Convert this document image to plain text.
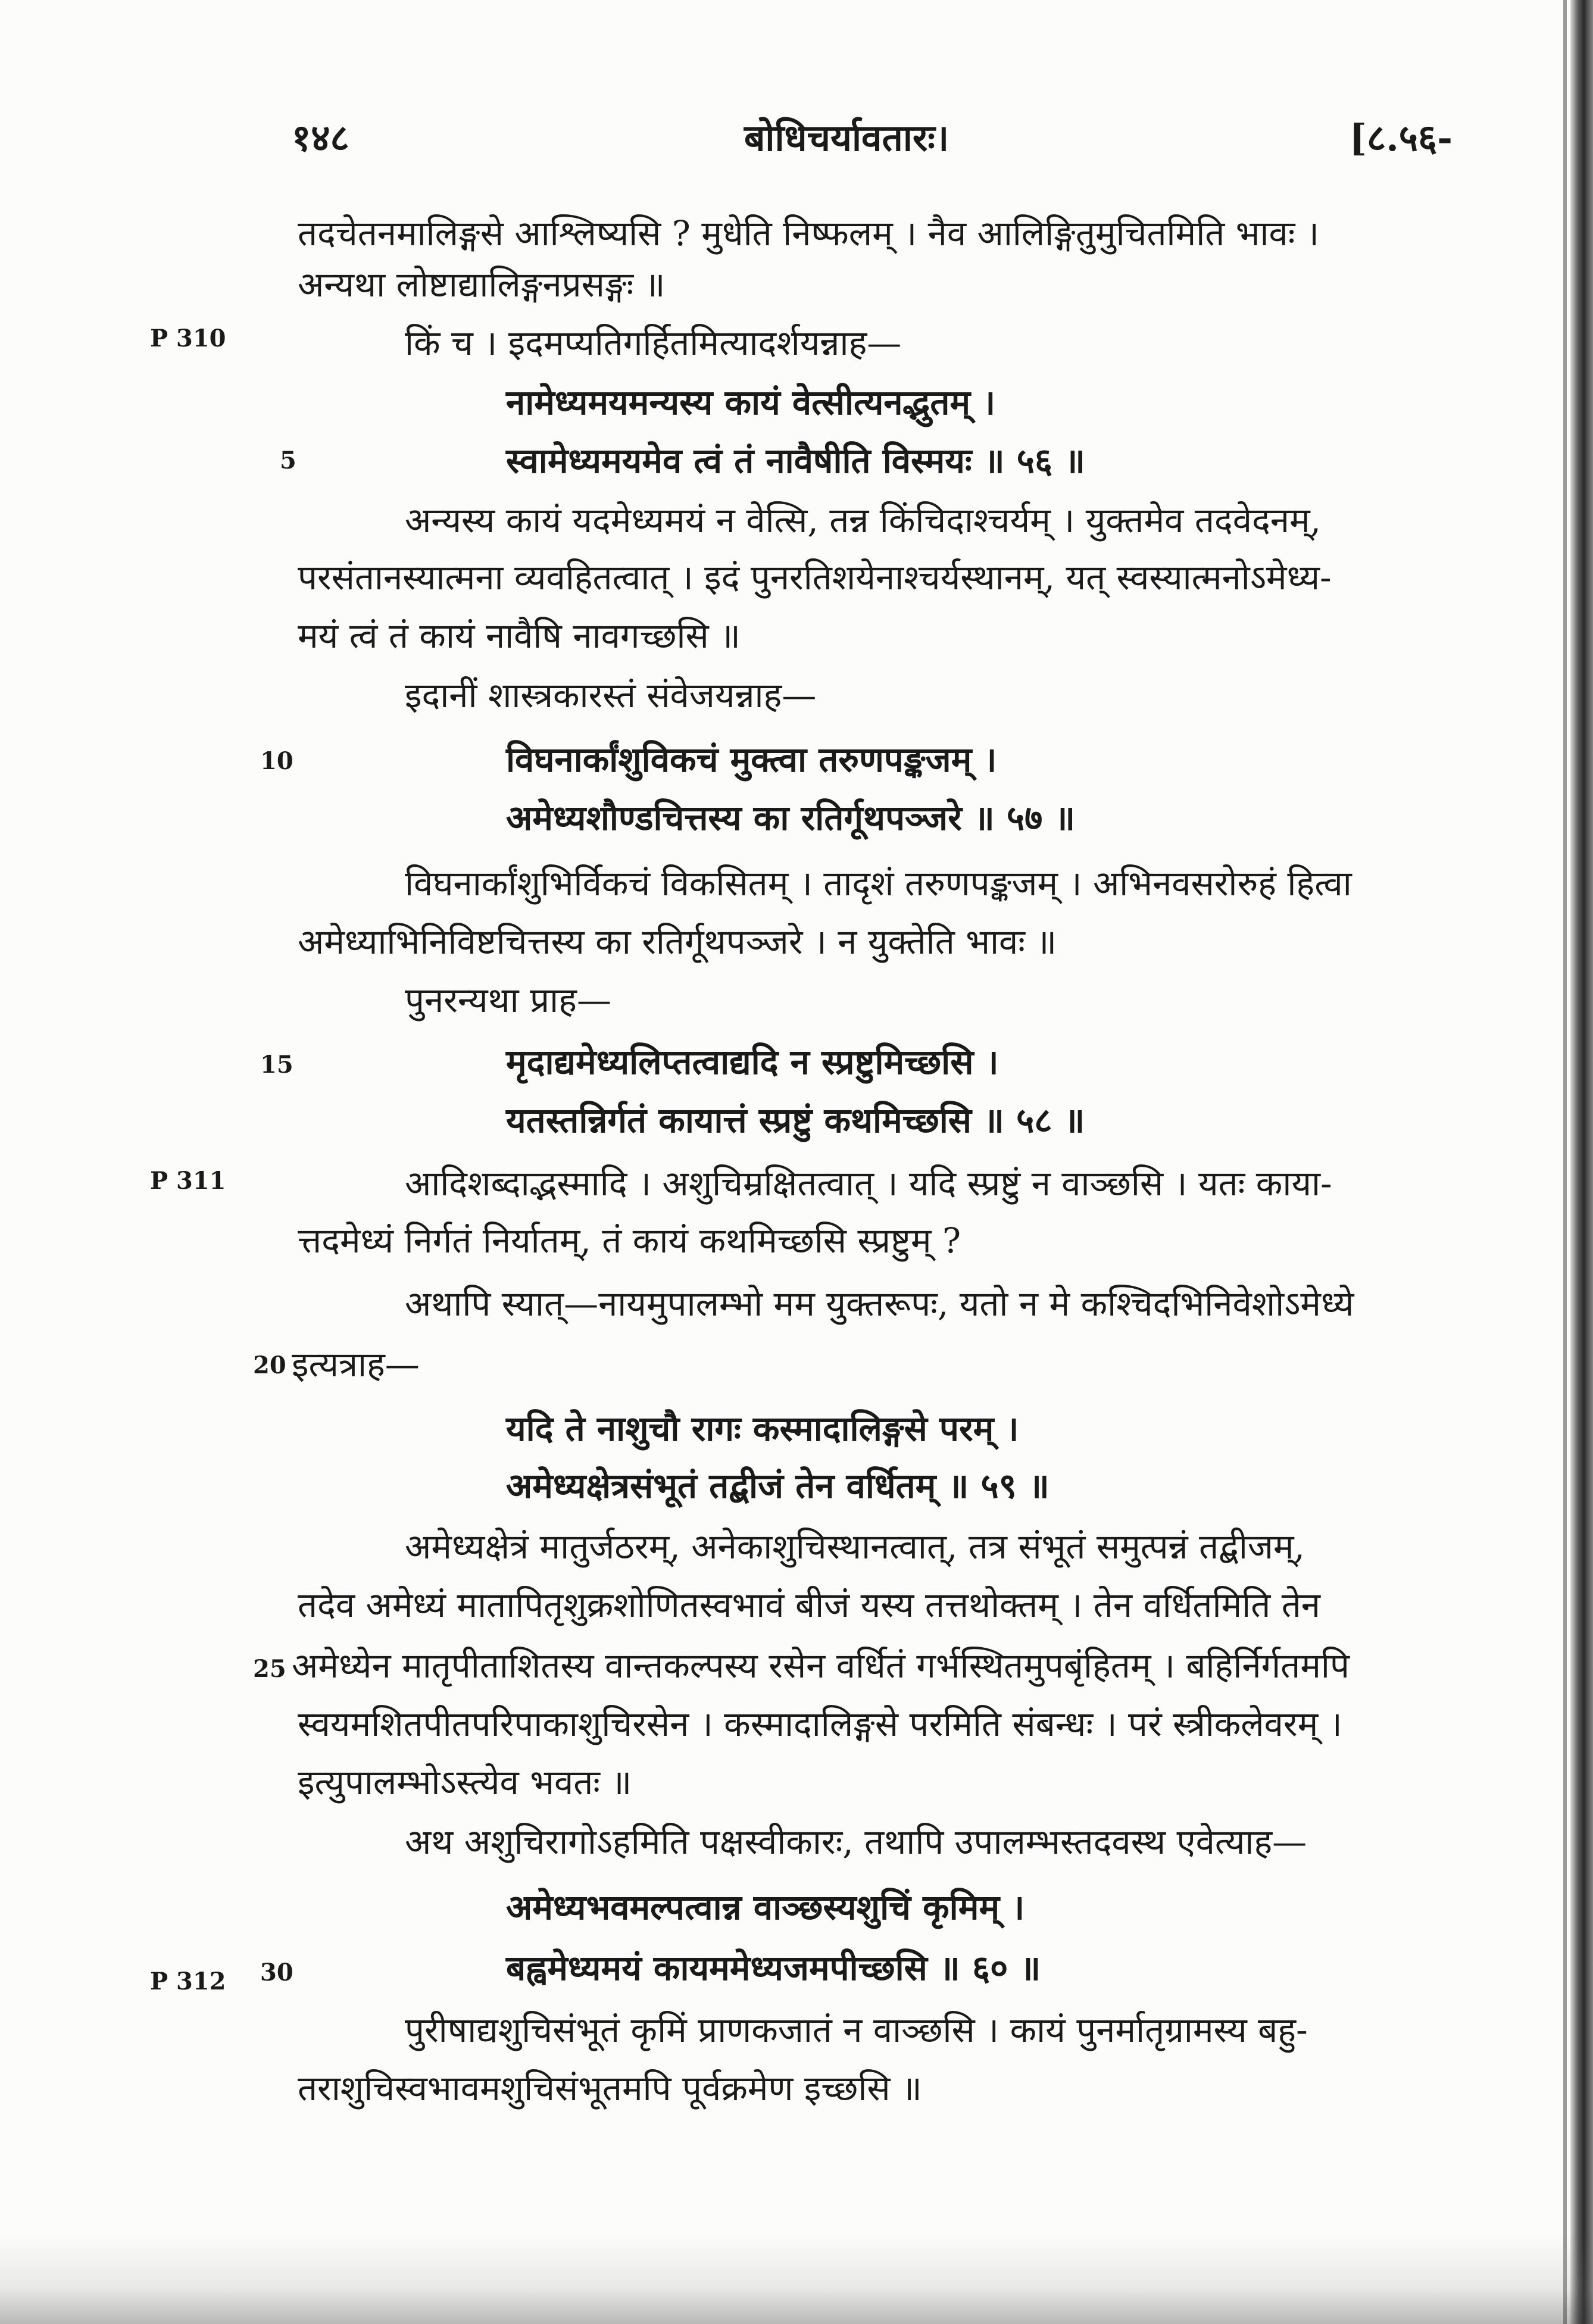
१४८	बोधिचर्यावतारः।	[८.५६-
P 310
P 311
P 312
5
10
15
20
25
30
तदचेतनमालिङ्गसे आश्लिष्यसि ? मुधेति निष्फलम् । नैव आलिङ्गितुमुचितमिति भावः ।
अन्यथा लोष्टाद्यालिङ्गनप्रसङ्गः ॥
किं च । इदमप्यतिगर्हितमित्यादर्शयन्नाह—
नामेध्यमयमन्यस्य कायं वेत्सीत्यनद्भुतम् ।
स्वामेध्यमयमेव त्वं तं नावैषीति विस्मयः ॥ ५६ ॥
अन्यस्य कायं यदमेध्यमयं न वेत्सि, तन्न किंचिदाश्चर्यम् । युक्तमेव तदवेदनम्,
परसंतानस्यात्मना व्यवहितत्वात् । इदं पुनरतिशयेनाश्चर्यस्थानम्, यत् स्वस्यात्मनोऽमेध्य-
मयं त्वं तं कायं नावैषि नावगच्छसि ॥
इदानीं शास्त्रकारस्तं संवेजयन्नाह—
विघनार्कांशुविकचं मुक्त्वा तरुणपङ्कजम् ।
अमेध्यशौण्डचित्तस्य का रतिर्गूथपञ्जरे ॥ ५७ ॥
विघनार्कांशुभिर्विकचं विकसितम् । तादृशं तरुणपङ्कजम् । अभिनवसरोरुहं हित्वा
अमेध्याभिनिविष्टचित्तस्य का रतिर्गूथपञ्जरे । न युक्तेति भावः ॥
पुनरन्यथा प्राह—
मृदाद्यमेध्यलिप्तत्वाद्यदि न स्प्रष्टुमिच्छसि ।
यतस्तन्निर्गतं कायात्तं स्प्रष्टुं कथमिच्छसि ॥ ५८ ॥
आदिशब्दाद्भस्मादि । अशुचिम्रक्षितत्वात् । यदि स्प्रष्टुं न वाञ्छसि । यतः काया-
त्तदमेध्यं निर्गतं निर्यातम्, तं कायं कथमिच्छसि स्प्रष्टुम् ?
अथापि स्यात्—नायमुपालम्भो मम युक्तरूपः, यतो न मे कश्चिदभिनिवेशोऽमेध्ये
इत्यत्राह—
यदि ते नाशुचौ रागः कस्मादालिङ्गसे परम् ।
अमेध्यक्षेत्रसंभूतं तद्बीजं तेन वर्धितम् ॥ ५९ ॥
अमेध्यक्षेत्रं मातुर्जठरम्, अनेकाशुचिस्थानत्वात्, तत्र संभूतं समुत्पन्नं तद्बीजम्,
तदेव अमेध्यं मातापितृशुक्रशोणितस्वभावं बीजं यस्य तत्तथोक्तम् । तेन वर्धितमिति तेन
अमेध्येन मातृपीताशितस्य वान्तकल्पस्य रसेन वर्धितं गर्भस्थितमुपबृंहितम् । बहिर्निर्गतमपि
स्वयमशितपीतपरिपाकाशुचिरसेन । कस्मादालिङ्गसे परमिति संबन्धः । परं स्त्रीकलेवरम् ।
इत्युपालम्भोऽस्त्येव भवतः ॥
अथ अशुचिरागोऽहमिति पक्षस्वीकारः, तथापि उपालम्भस्तदवस्थ एवेत्याह—
अमेध्यभवमल्पत्वान्न वाञ्छस्यशुचिं कृमिम् ।
बह्वमेध्यमयं कायममेध्यजमपीच्छसि ॥ ६० ॥
पुरीषाद्यशुचिसंभूतं कृमिं प्राणकजातं न वाञ्छसि । कायं पुनर्मातृग्रामस्य बहु-
तराशुचिस्वभावमशुचिसंभूतमपि पूर्वक्रमेण इच्छसि ॥
